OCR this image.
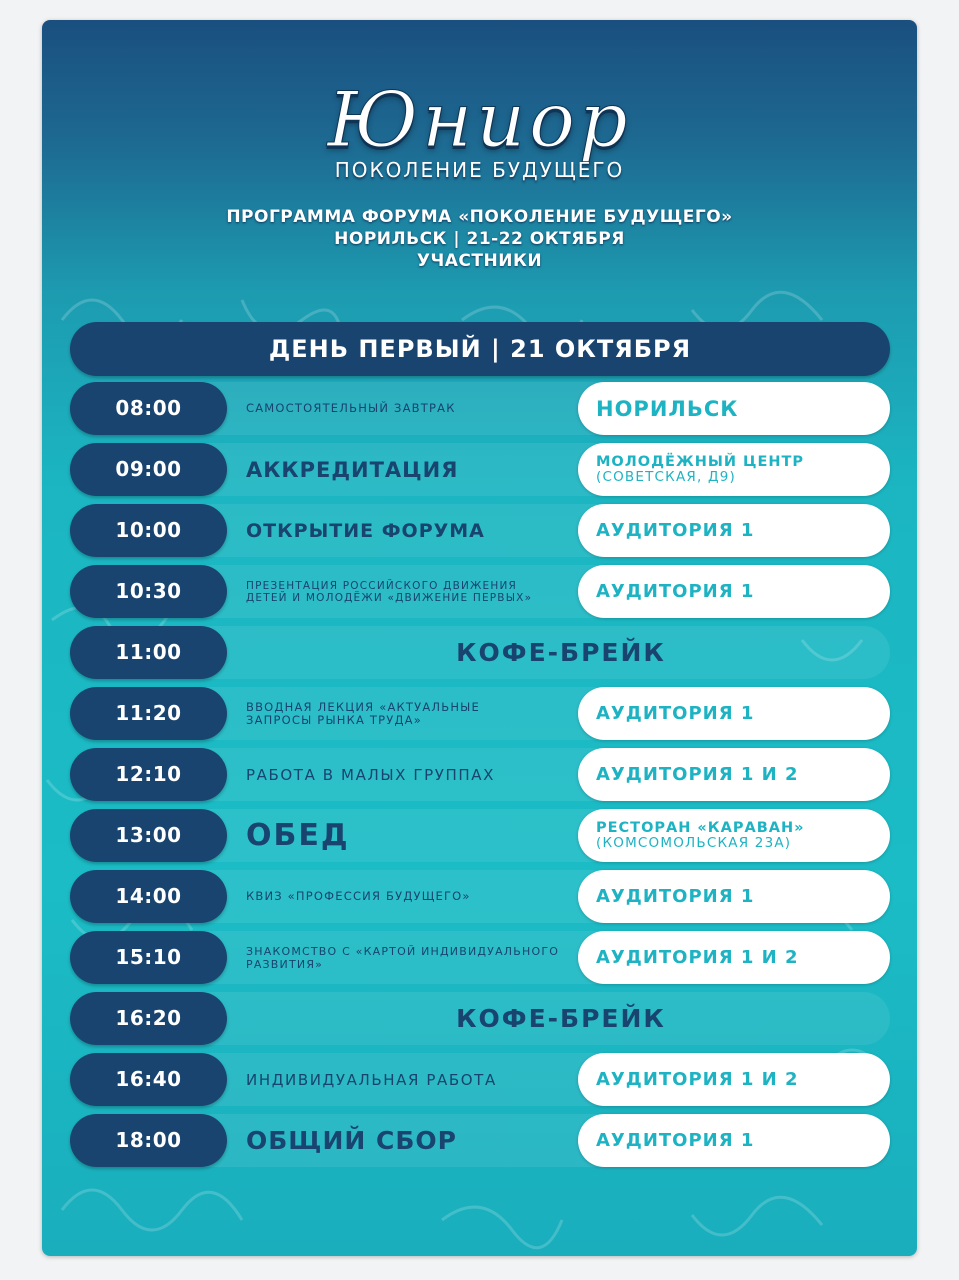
Юниор
ПОКОЛЕНИЕ БУДУЩЕГО
ПРОГРАММА ФОРУМА «ПОКОЛЕНИЕ БУДУЩЕГО»
НОРИЛЬСК | 21-22 ОКТЯБРЯ
УЧАСТНИКИ
ДЕНЬ ПЕРВЫЙ | 21 ОКТЯБРЯ
08:00	САМОСТОЯТЕЛЬНЫЙ ЗАВТРАК	НОРИЛЬСК
09:00	АККРЕДИТАЦИЯ	МОЛОДЁЖНЫЙ ЦЕНТР
(СОВЕТСКАЯ, Д9)
10:00	ОТКРЫТИЕ ФОРУМА	АУДИТОРИЯ 1
10:30	ПРЕЗЕНТАЦИЯ РОССИЙСКОГО ДВИЖЕНИЯ ДЕТЕЙ И МОЛОДЁЖИ «ДВИЖЕНИЕ ПЕРВЫХ»	АУДИТОРИЯ 1
11:00	КОФЕ-БРЕЙК
11:20	ВВОДНАЯ ЛЕКЦИЯ «АКТУАЛЬНЫЕ ЗАПРОСЫ РЫНКА ТРУДА»	АУДИТОРИЯ 1
12:10	РАБОТА В МАЛЫХ ГРУППАХ	АУДИТОРИЯ 1 И 2
13:00	ОБЕД	РЕСТОРАН «КАРАВАН»
(КОМСОМОЛЬСКАЯ 23А)
14:00	КВИЗ «ПРОФЕССИЯ БУДУЩЕГО»	АУДИТОРИЯ 1
15:10	ЗНАКОМСТВО С «КАРТОЙ ИНДИВИДУАЛЬНОГО РАЗВИТИЯ»	АУДИТОРИЯ 1 И 2
16:20	КОФЕ-БРЕЙК
16:40	ИНДИВИДУАЛЬНАЯ РАБОТА	АУДИТОРИЯ 1 И 2
18:00	ОБЩИЙ СБОР	АУДИТОРИЯ 1
